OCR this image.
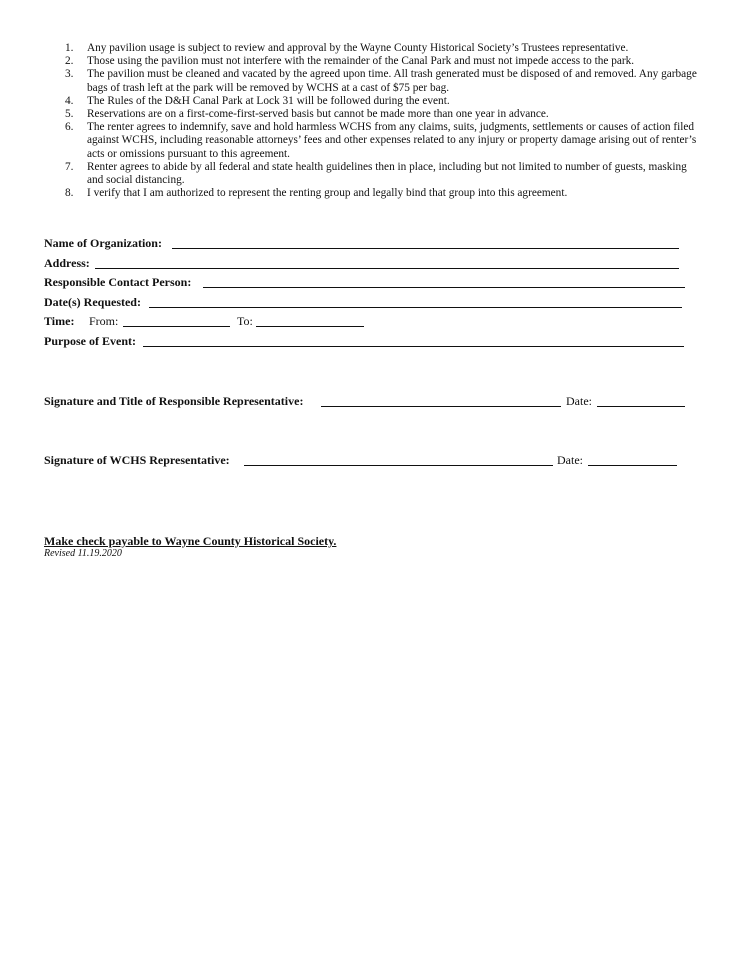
1.	Any pavilion usage is subject to review and approval by the Wayne County Historical Society’s Trustees representative.
2.	Those using the pavilion must not interfere with the remainder of the Canal Park and must not impede access to the park.
3.	The pavilion must be cleaned and vacated by the agreed upon time. All trash generated must be disposed of and removed. Any garbage bags of trash left at the park will be removed by WCHS at a cast of $75 per bag.
4.	The Rules of the D&H Canal Park at Lock 31 will be followed during the event.
5.	Reservations are on a first-come-first-served basis but cannot be made more than one year in advance.
6.	The renter agrees to indemnify, save and hold harmless WCHS from any claims, suits, judgments, settlements or causes of action filed against WCHS, including reasonable attorneys’ fees and other expenses related to any injury or property damage arising out of renter’s acts or omissions pursuant to this agreement.
7.	Renter agrees to abide by all federal and state health guidelines then in place, including but not limited to number of guests, masking and social distancing.
8.	I verify that I am authorized to represent the renting group and legally bind that group into this agreement.
Name of Organization:
Address:
Responsible Contact Person:
Date(s) Requested:
Time: From:	To:
Purpose of Event:
Signature and Title of Responsible Representative:	Date:
Signature of WCHS Representative:	Date:
Make check payable to Wayne County Historical Society.
Revised 11.19.2020
